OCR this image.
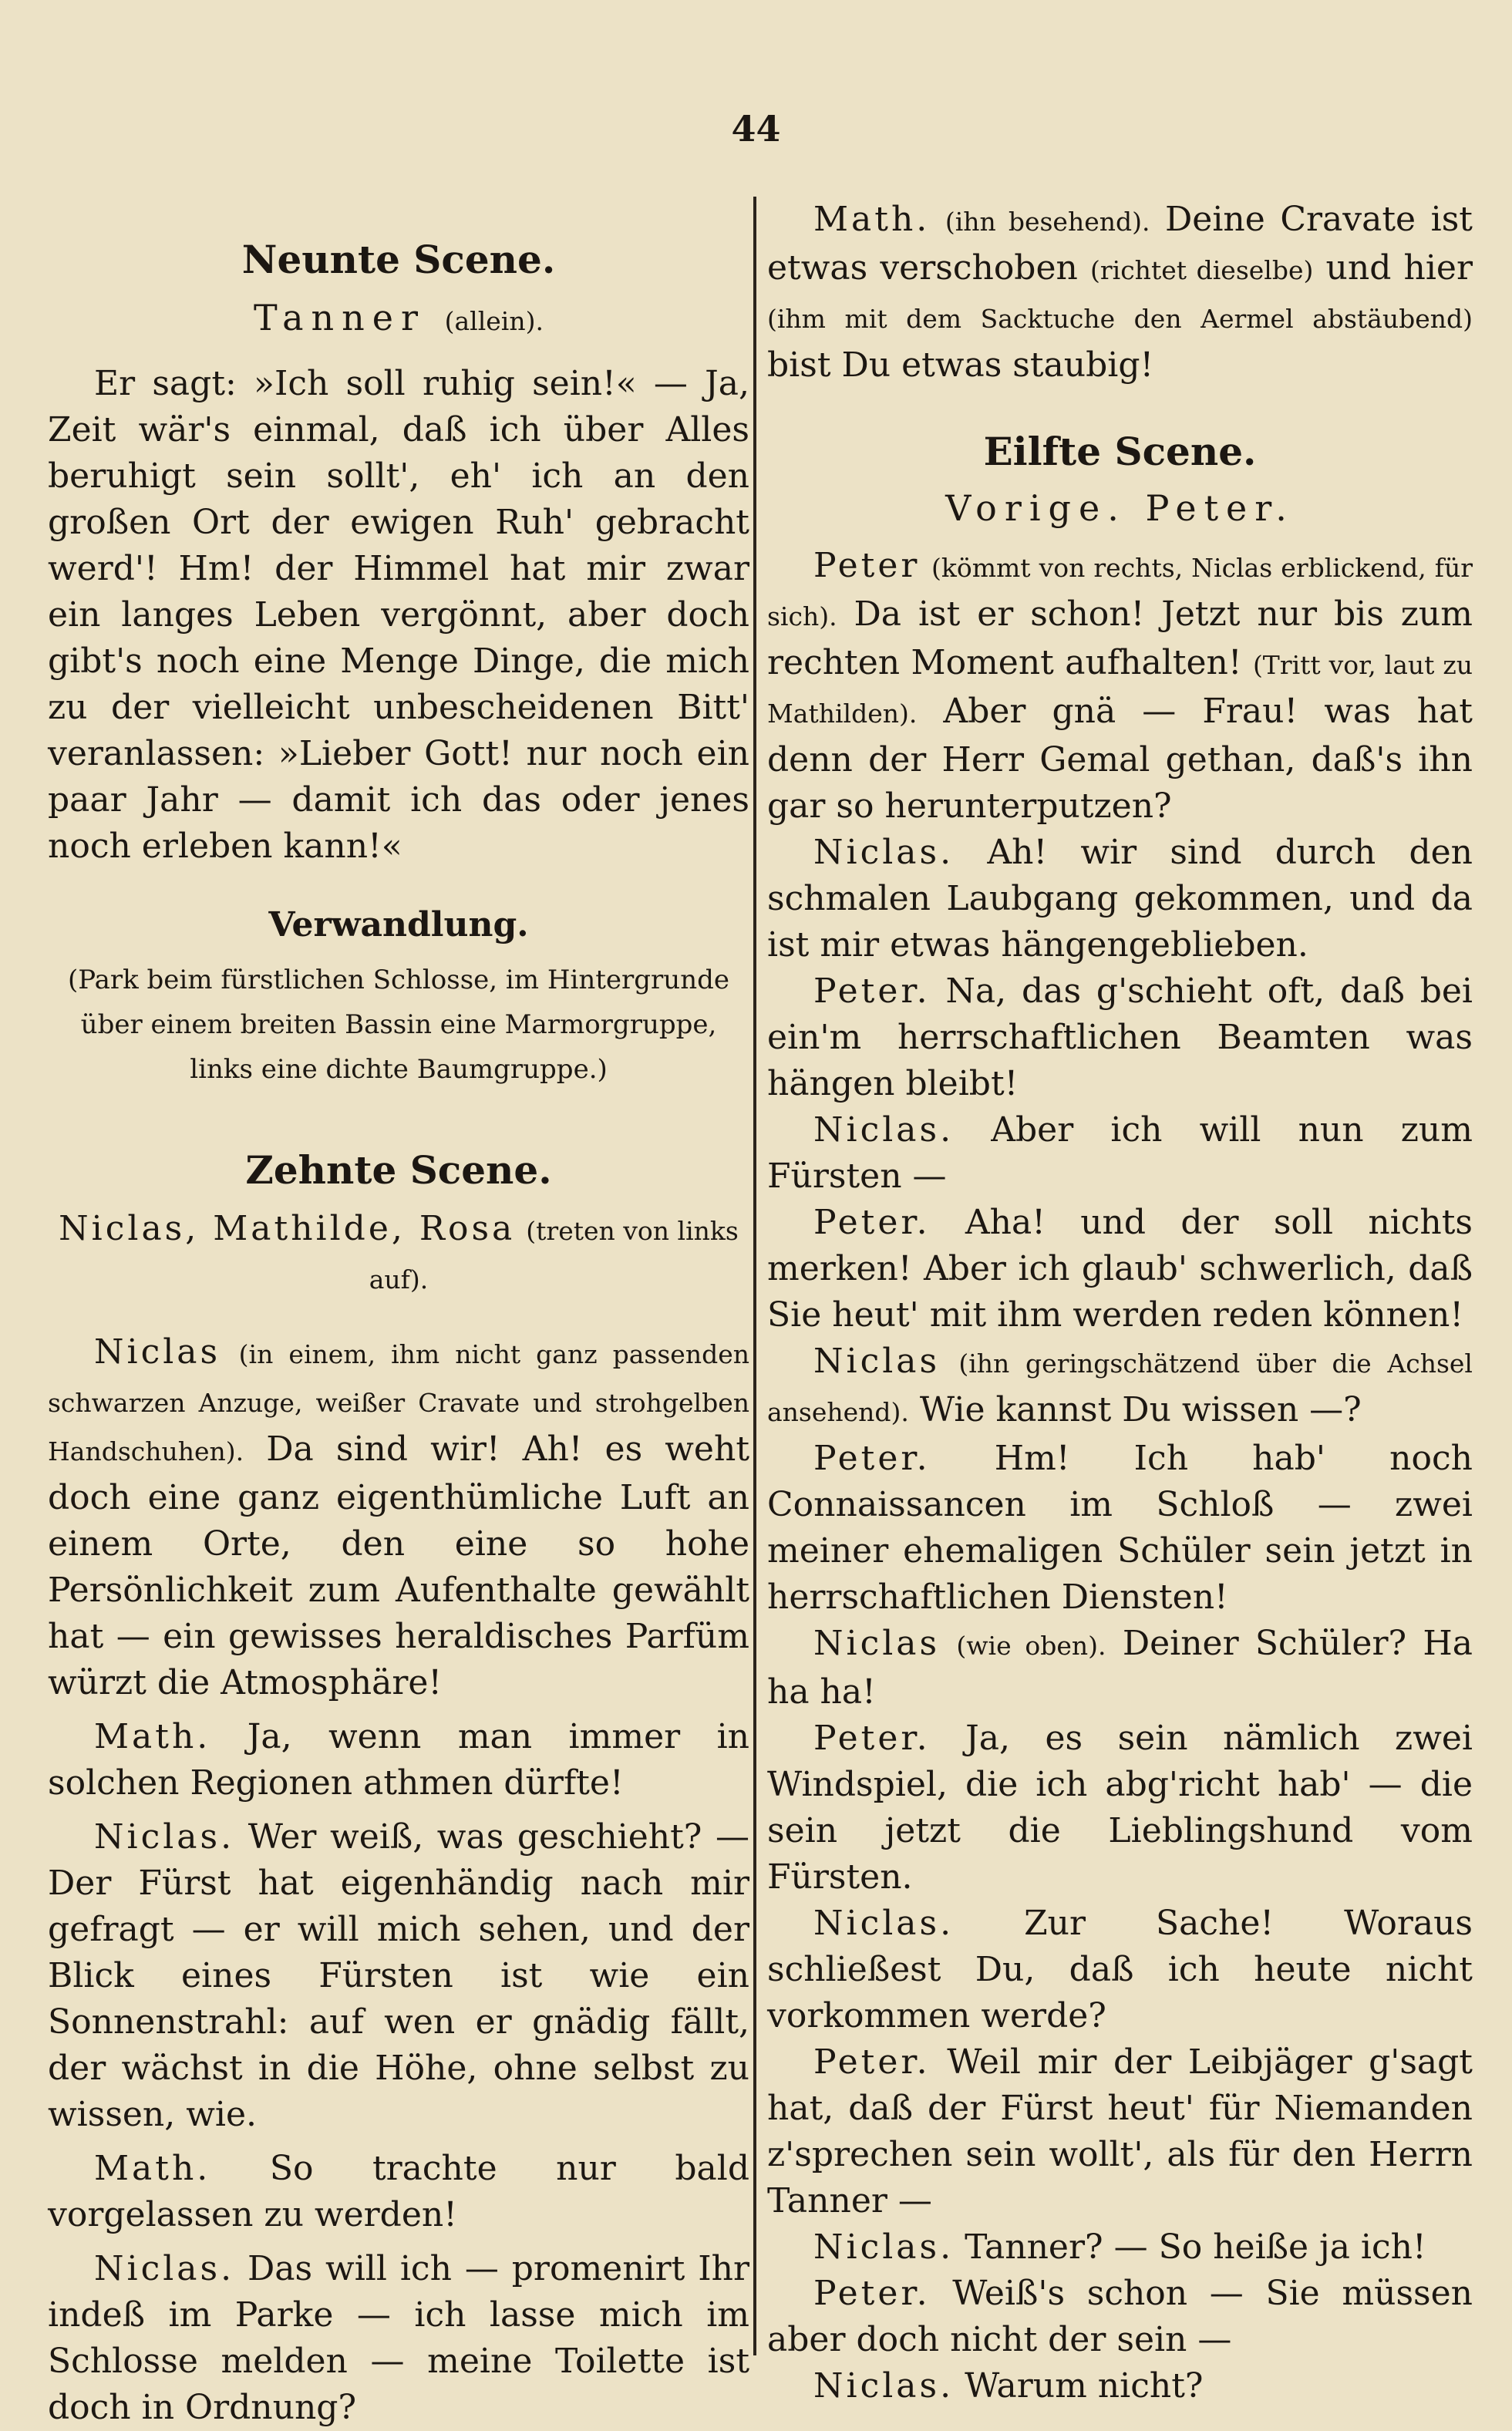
44

Neunte Scene.

Tanner (allein).

Er sagt: »Ich soll ruhig sein!« — Ja, Zeit wär's einmal, daß ich über Alles beruhigt sein sollt', eh' ich an den großen Ort der ewigen Ruh' gebracht werd'! Hm! der Himmel hat mir zwar ein langes Leben vergönnt, aber doch gibt's noch eine Menge Dinge, die mich zu der vielleicht unbescheidenen Bitt' veranlassen: »Lieber Gott! nur noch ein paar Jahr — damit ich das oder jenes noch erleben kann!«

Verwandlung.

(Park beim fürstlichen Schlosse, im Hintergrunde über einem breiten Bassin eine Marmorgruppe, links eine dichte Baumgruppe.)

Zehnte Scene.

Niclas, Mathilde, Rosa (treten von links auf).

Niclas (in einem, ihm nicht ganz passenden schwarzen Anzuge, weißer Cravate und strohgelben Handschuhen). Da sind wir! Ah! es weht doch eine ganz eigenthümliche Luft an einem Orte, den eine so hohe Persönlichkeit zum Aufenthalte gewählt hat — ein gewisses heraldisches Parfüm würzt die Atmosphäre!

Math. Ja, wenn man immer in solchen Regionen athmen dürfte!

Niclas. Wer weiß, was geschieht? — Der Fürst hat eigenhändig nach mir gefragt — er will mich sehen, und der Blick eines Fürsten ist wie ein Sonnenstrahl: auf wen er gnädig fällt, der wächst in die Höhe, ohne selbst zu wissen, wie.

Math. So trachte nur bald vorgelassen zu werden!

Niclas. Das will ich — promenirt Ihr indeß im Parke — ich lasse mich im Schlosse melden — meine Toilette ist doch in Ordnung?

Math. (ihn besehend). Deine Cravate ist etwas verschoben (richtet dieselbe) und hier (ihm mit dem Sacktuche den Aermel abstäubend) bist Du etwas staubig!

Eilfte Scene.

Vorige. Peter.

Peter (kömmt von rechts, Niclas erblickend, für sich). Da ist er schon! Jetzt nur bis zum rechten Moment aufhalten! (Tritt vor, laut zu Mathilden). Aber gnä — Frau! was hat denn der Herr Gemal gethan, daß's ihn gar so herunterputzen?

Niclas. Ah! wir sind durch den schmalen Laubgang gekommen, und da ist mir etwas hängengeblieben.

Peter. Na, das g'schieht oft, daß bei ein'm herrschaftlichen Beamten was hängen bleibt!

Niclas. Aber ich will nun zum Fürsten —

Peter. Aha! und der soll nichts merken! Aber ich glaub' schwerlich, daß Sie heut' mit ihm werden reden können!

Niclas (ihn geringschätzend über die Achsel ansehend). Wie kannst Du wissen —?

Peter. Hm! Ich hab' noch Connaissancen im Schloß — zwei meiner ehemaligen Schüler sein jetzt in herrschaftlichen Diensten!

Niclas (wie oben). Deiner Schüler? Ha ha ha!

Peter. Ja, es sein nämlich zwei Windspiel, die ich abg'richt hab' — die sein jetzt die Lieblingshund vom Fürsten.

Niclas. Zur Sache! Woraus schließest Du, daß ich heute nicht vorkommen werde?

Peter. Weil mir der Leibjäger g'sagt hat, daß der Fürst heut' für Niemanden z'sprechen sein wollt', als für den Herrn Tanner —

Niclas. Tanner? — So heiße ja ich!

Peter. Weiß's schon — Sie müssen aber doch nicht der sein —

Niclas. Warum nicht?
